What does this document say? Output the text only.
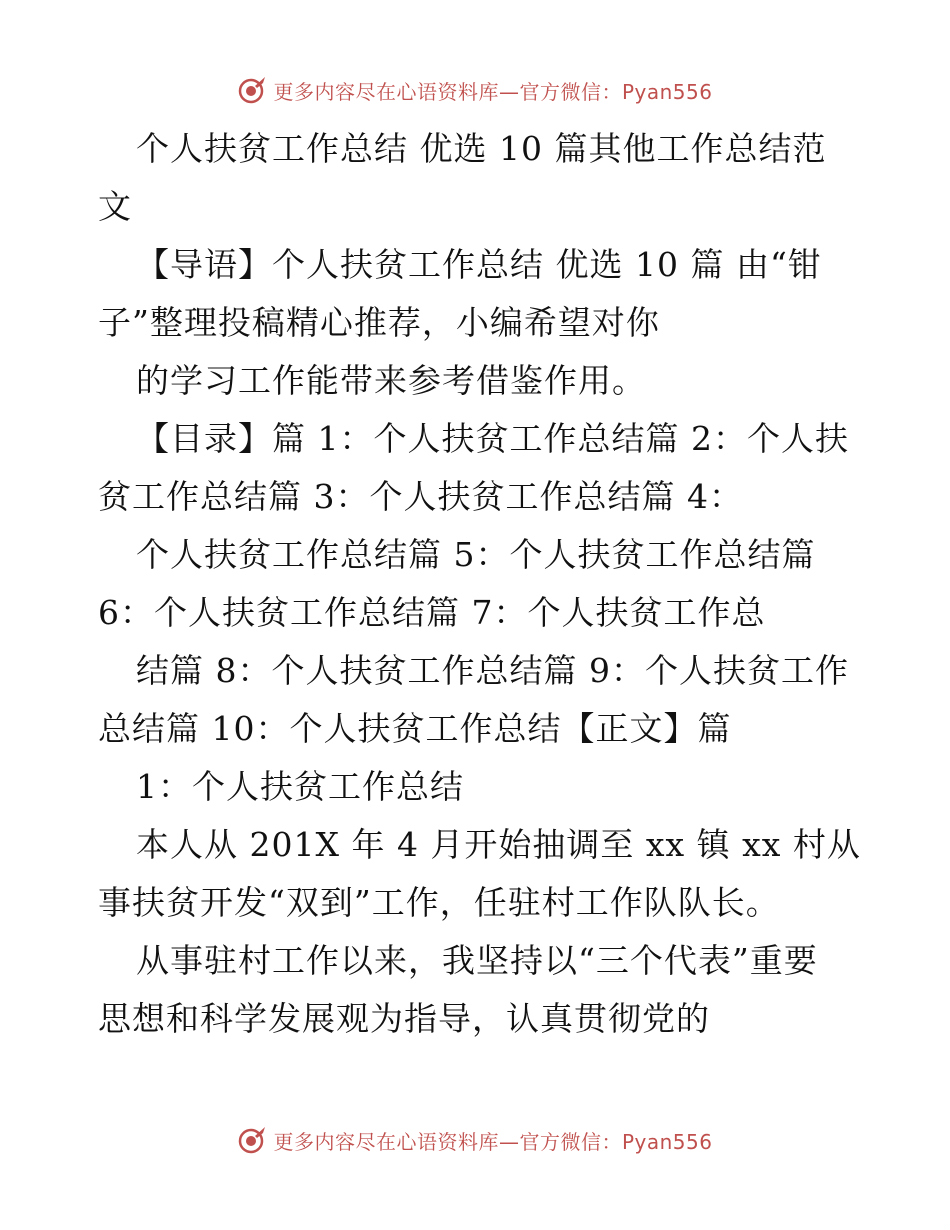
更多内容尽在心语资料库—官方微信：Pyan556
个人扶贫工作总结 优选 10 篇其他工作总结范
文
【导语】个人扶贫工作总结 优选 10 篇 由“钳
子”整理投稿精心推荐，小编希望对你
的学习工作能带来参考借鉴作用。
【目录】篇 1：个人扶贫工作总结篇 2：个人扶
贫工作总结篇 3：个人扶贫工作总结篇 4：
个人扶贫工作总结篇 5：个人扶贫工作总结篇
6：个人扶贫工作总结篇 7：个人扶贫工作总
结篇 8：个人扶贫工作总结篇 9：个人扶贫工作
总结篇 10：个人扶贫工作总结【正文】篇
1：个人扶贫工作总结
本人从 201X 年 4 月开始抽调至 xx 镇 xx 村从
事扶贫开发“双到”工作，任驻村工作队队长。
从事驻村工作以来，我坚持以“三个代表”重要
思想和科学发展观为指导，认真贯彻党的
更多内容尽在心语资料库—官方微信：Pyan556
